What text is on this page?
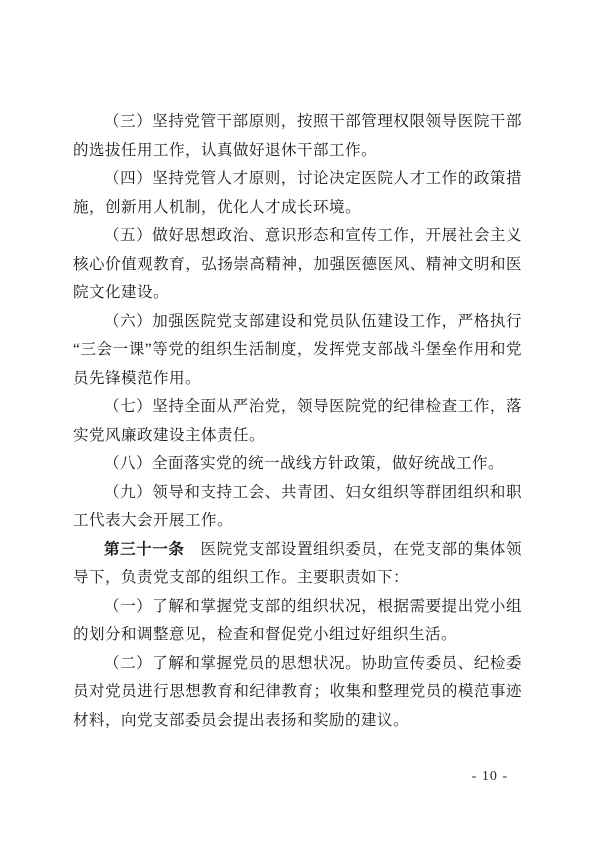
（三）坚持党管干部原则，按照干部管理权限领导医院干部的选拔任用工作，认真做好退休干部工作。

（四）坚持党管人才原则，讨论决定医院人才工作的政策措施，创新用人机制，优化人才成长环境。

（五）做好思想政治、意识形态和宣传工作，开展社会主义核心价值观教育，弘扬崇高精神，加强医德医风、精神文明和医院文化建设。

（六）加强医院党支部建设和党员队伍建设工作，严格执行“三会一课”等党的组织生活制度，发挥党支部战斗堡垒作用和党员先锋模范作用。

（七）坚持全面从严治党，领导医院党的纪律检查工作，落实党风廉政建设主体责任。

（八）全面落实党的统一战线方针政策，做好统战工作。

（九）领导和支持工会、共青团、妇女组织等群团组织和职工代表大会开展工作。

第三十一条　医院党支部设置组织委员，在党支部的集体领导下，负责党支部的组织工作。主要职责如下：

（一）了解和掌握党支部的组织状况，根据需要提出党小组的划分和调整意见，检查和督促党小组过好组织生活。

（二）了解和掌握党员的思想状况。协助宣传委员、纪检委员对党员进行思想教育和纪律教育；收集和整理党员的模范事迹材料，向党支部委员会提出表扬和奖励的建议。

- 10 -
